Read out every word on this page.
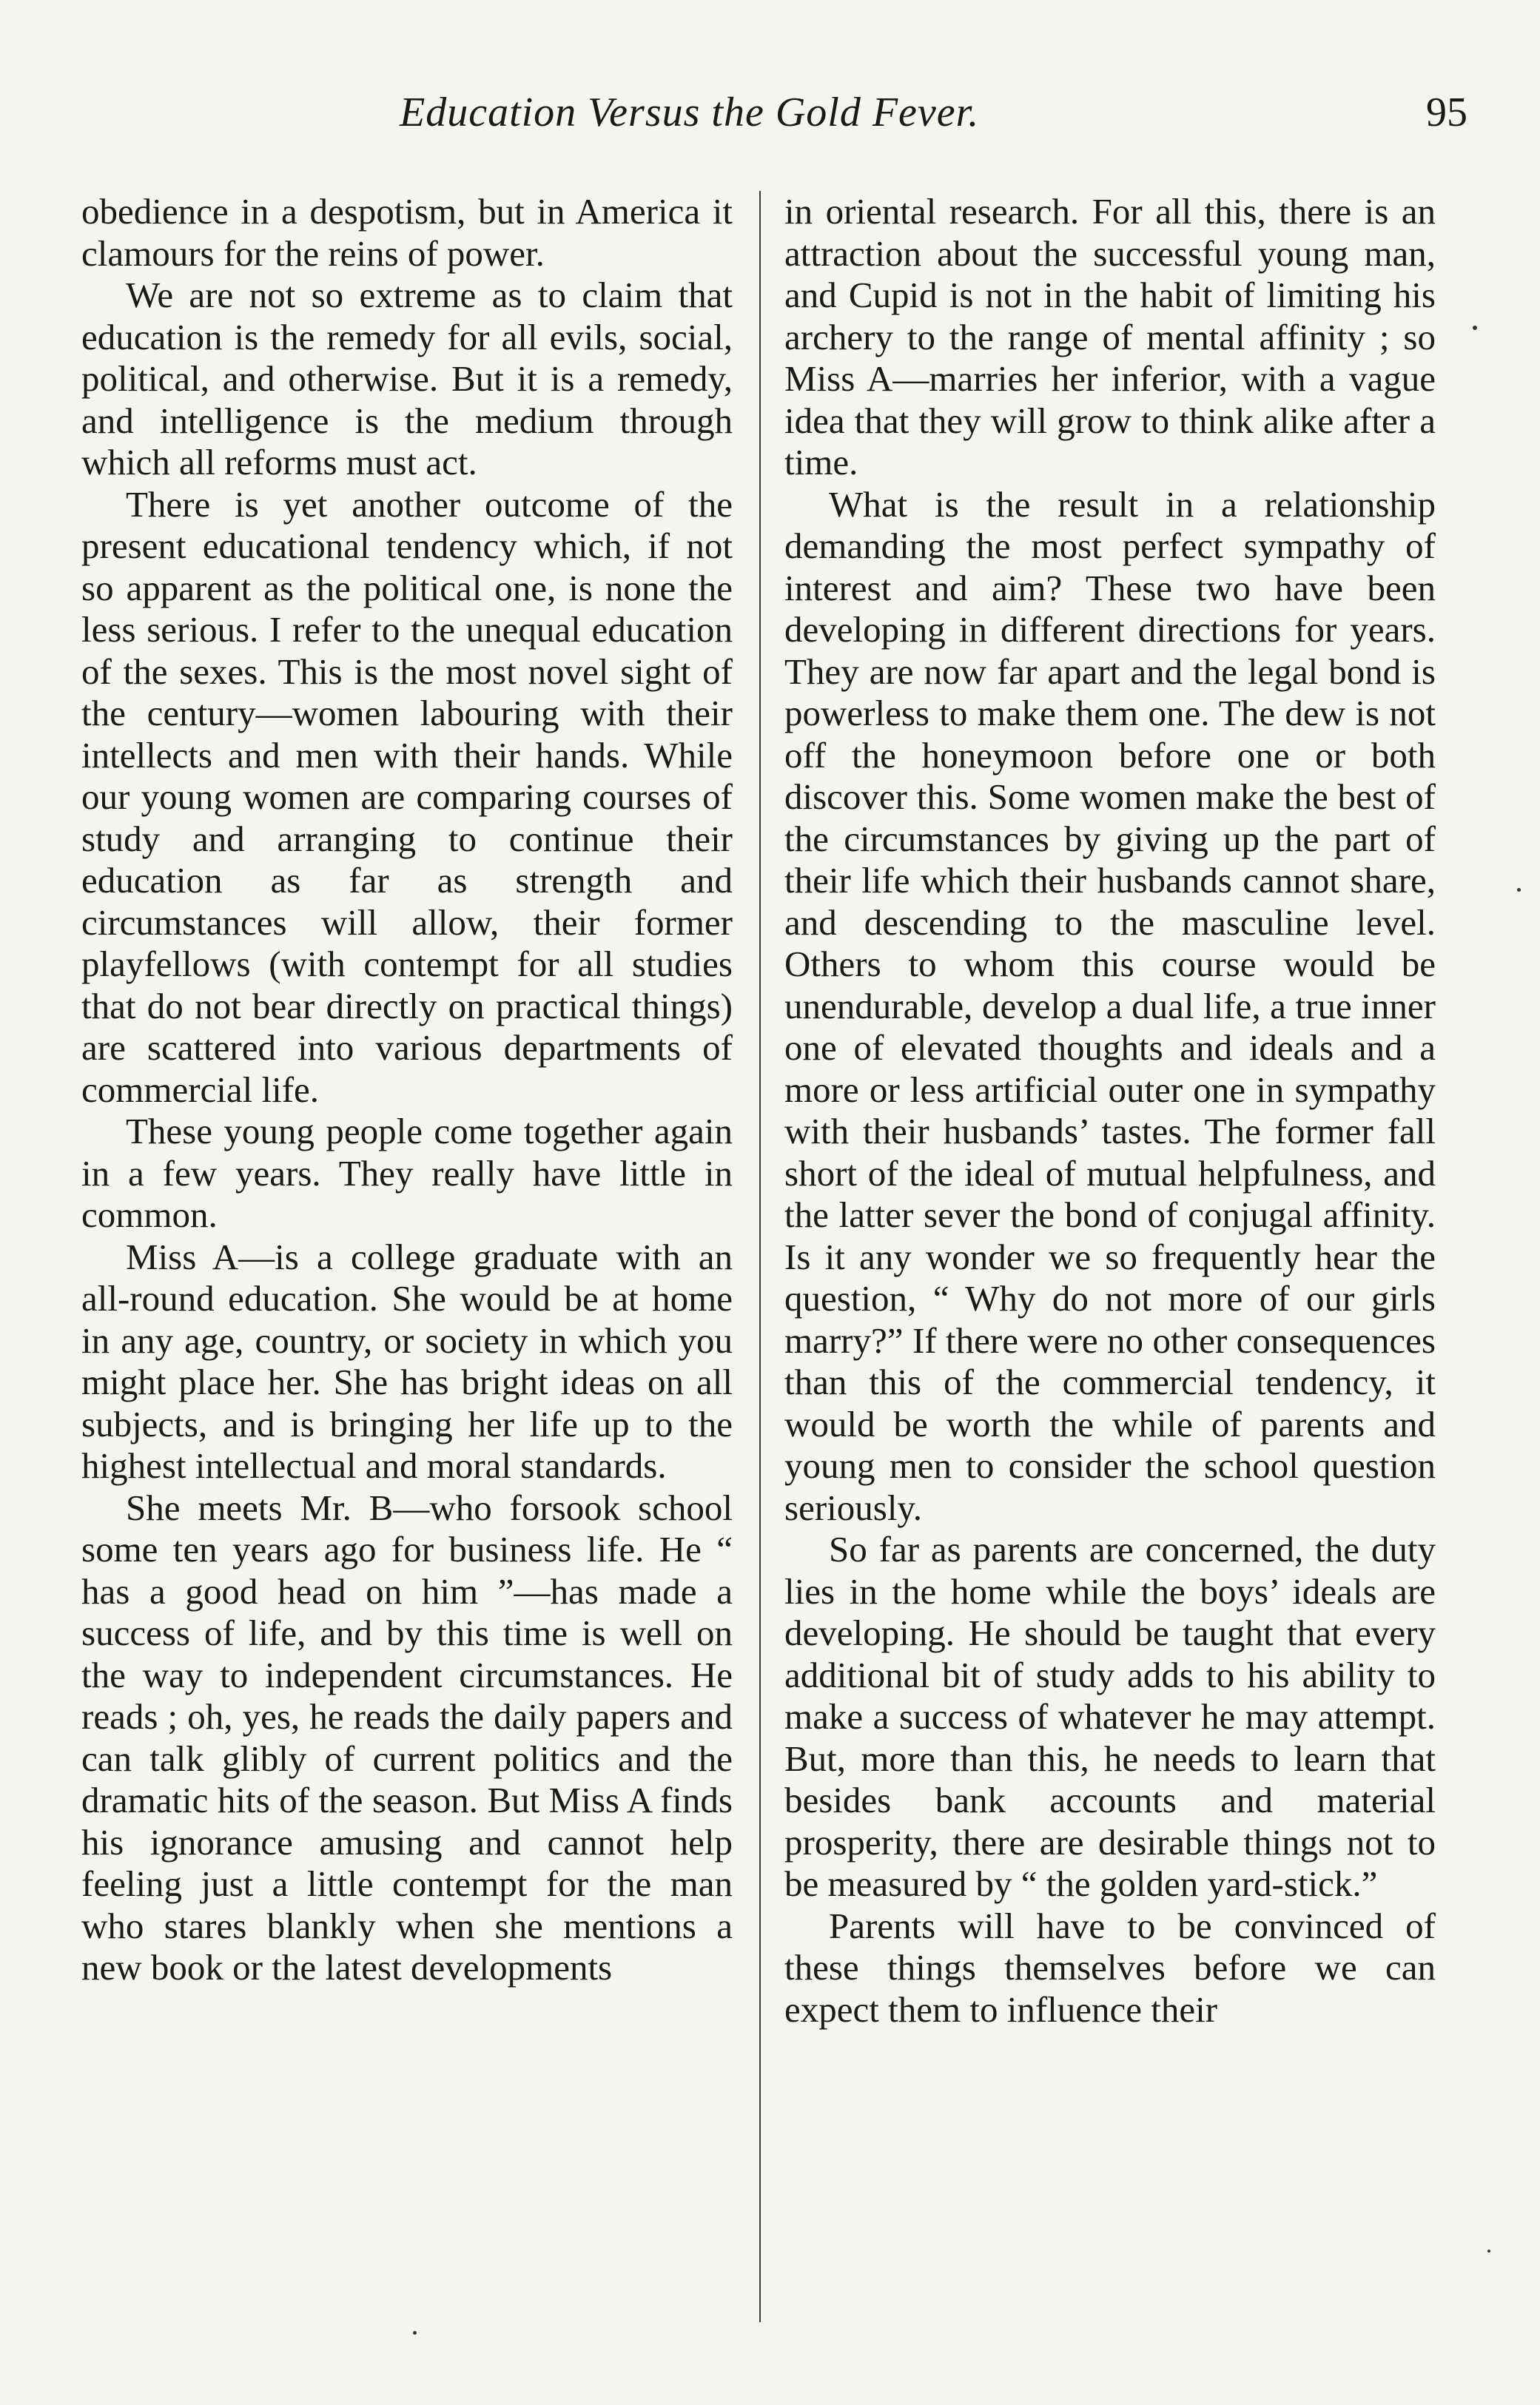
Education Versus the Gold Fever.	95

obedience in a despotism, but in America it clamours for the reins of power.

We are not so extreme as to claim that education is the remedy for all evils, social, political, and otherwise. But it is a remedy, and intelligence is the medium through which all reforms must act.

There is yet another outcome of the present educational tendency which, if not so apparent as the political one, is none the less serious. I refer to the unequal education of the sexes. This is the most novel sight of the century—women labouring with their intellects and men with their hands. While our young women are comparing courses of study and arranging to continue their education as far as strength and circumstances will allow, their former playfellows (with contempt for all studies that do not bear directly on practical things) are scattered into various departments of commercial life.

These young people come together again in a few years. They really have little in common.

Miss A—is a college graduate with an all-round education. She would be at home in any age, country, or society in which you might place her. She has bright ideas on all subjects, and is bringing her life up to the highest intellectual and moral standards.

She meets Mr. B—who forsook school some ten years ago for business life. He “ has a good head on him ”—has made a success of life, and by this time is well on the way to independent circumstances. He reads ; oh, yes, he reads the daily papers and can talk glibly of current politics and the dramatic hits of the season. But Miss A finds his ignorance amusing and cannot help feeling just a little contempt for the man who stares blankly when she mentions a new book or the latest developments

in oriental research. For all this, there is an attraction about the successful young man, and Cupid is not in the habit of limiting his archery to the range of mental affinity ; so Miss A—marries her inferior, with a vague idea that they will grow to think alike after a time.

What is the result in a relationship demanding the most perfect sympathy of interest and aim? These two have been developing in different directions for years. They are now far apart and the legal bond is powerless to make them one. The dew is not off the honeymoon before one or both discover this. Some women make the best of the circumstances by giving up the part of their life which their husbands cannot share, and descending to the masculine level. Others to whom this course would be unendurable, develop a dual life, a true inner one of elevated thoughts and ideals and a more or less artificial outer one in sympathy with their husbands’ tastes. The former fall short of the ideal of mutual helpfulness, and the latter sever the bond of conjugal affinity. Is it any wonder we so frequently hear the question, “ Why do not more of our girls marry?” If there were no other consequences than this of the commercial tendency, it would be worth the while of parents and young men to consider the school question seriously.

So far as parents are concerned, the duty lies in the home while the boys’ ideals are developing. He should be taught that every additional bit of study adds to his ability to make a success of whatever he may attempt. But, more than this, he needs to learn that besides bank accounts and material prosperity, there are desirable things not to be measured by “ the golden yard-stick.”

Parents will have to be convinced of these things themselves before we can expect them to influence their
